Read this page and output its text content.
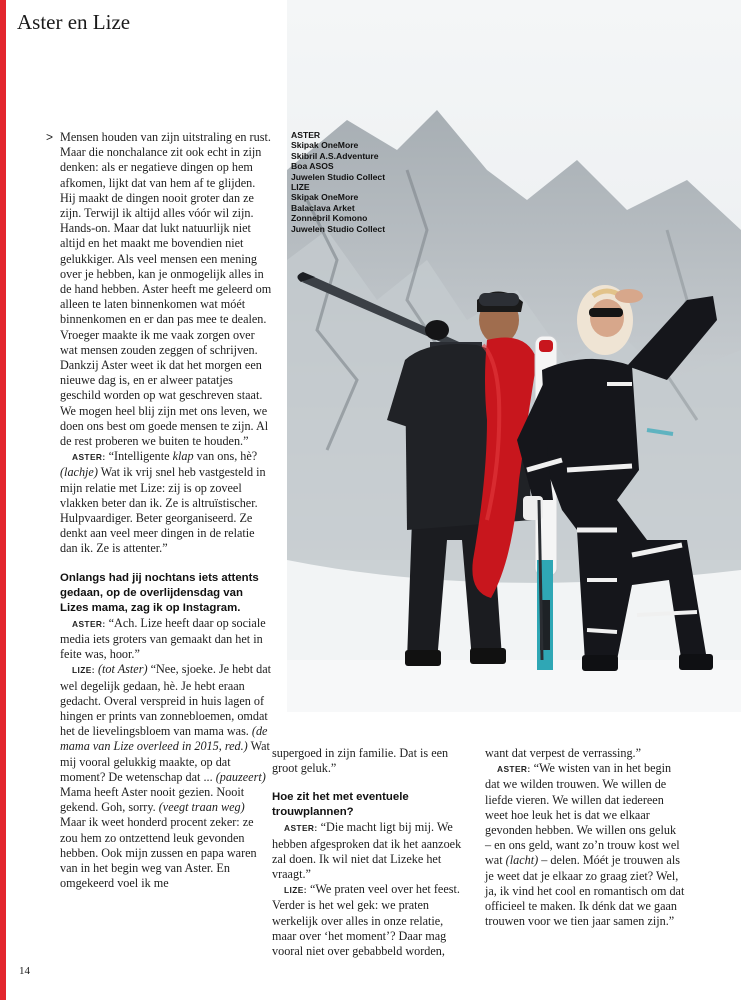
Aster en Lize
ASTER
Skipak OneMore
Skibril A.S.Adventure
Boa ASOS
Juwelen Studio Collect
LIZE
Skipak OneMore
Balaclava Arket
Zonnebril Komono
Juwelen Studio Collect
> Mensen houden van zijn uitstraling en rust. Maar die nonchalance zit ook echt in zijn denken: als er negatieve dingen op hem afkomen, lijkt dat van hem af te glijden. Hij maakt de dingen nooit groter dan ze zijn. Terwijl ik altijd alles vóór wil zijn. Hands-on. Maar dat lukt natuurlijk niet altijd en het maakt me bovendien niet gelukkiger. Als veel mensen een mening over je hebben, kan je onmogelijk alles in de hand hebben. Aster heeft me geleerd om alleen te laten binnenkomen wat móét binnenkomen en er dan pas mee te dealen. Vroeger maakte ik me vaak zorgen over wat mensen zouden zeggen of schrijven. Dankzij Aster weet ik dat het morgen een nieuwe dag is, en er alweer patatjes geschild worden op wat geschreven staat. We mogen heel blij zijn met ons leven, we doen ons best om goede mensen te zijn. Al de rest proberen we buiten te houden.”

ASTER: “Intelligente klap van ons, hè? (lachje) Wat ik vrij snel heb vastgesteld in mijn relatie met Lize: zij is op zoveel vlakken beter dan ik. Ze is altruïstischer. Hulpvaardiger. Beter georganiseerd. Ze denkt aan veel meer dingen in de relatie dan ik. Ze is attenter.”

Onlangs had jij nochtans iets attents gedaan, op de overlijdensdag van Lizes mama, zag ik op Instagram.

ASTER: “Ach. Lize heeft daar op sociale media iets groters van gemaakt dan het in feite was, hoor.”

LIZE: (tot Aster) “Nee, sjoeke. Je hebt dat wel degelijk gedaan, hè. Je hebt eraan gedacht. Overal verspreid in huis lagen of hingen er prints van zonnebloemen, omdat het de lievelingsbloem van mama was. (de mama van Lize overleed in 2015, red.) Wat mij vooral gelukkig maakte, op dat moment? De wetenschap dat ... (pauzeert) Mama heeft Aster nooit gezien. Nooit gekend. Goh, sorry. (veegt traan weg) Maar ik weet honderd procent zeker: ze zou hem zo ontzettend leuk gevonden hebben. Ook mijn zussen en papa waren van in het begin weg van Aster. En omgekeerd voel ik me

supergoed in zijn familie. Dat is een groot geluk.”

Hoe zit het met eventuele trouwplannen?

ASTER: “Die macht ligt bij mij. We hebben afgesproken dat ik het aanzoek zal doen. Ik wil niet dat Lizeke het vraagt.”

LIZE: “We praten veel over het feest. Verder is het wel gek: we praten werkelijk over alles in onze relatie, maar over ‘het moment’? Daar mag vooral niet over gebabbeld worden,

want dat verpest de verrassing.”

ASTER: “We wisten van in het begin dat we wilden trouwen. We willen de liefde vieren. We willen dat iedereen weet hoe leuk het is dat we elkaar gevonden hebben. We willen ons geluk – en ons geld, want zo’n trouw kost wel wat (lacht) – delen. Móét je trouwen als je weet dat je elkaar zo graag ziet? Wel, ja, ik vind het cool en romantisch om dat officieel te maken. Ik dénk dat we gaan trouwen voor we tien jaar samen zijn.”

14
